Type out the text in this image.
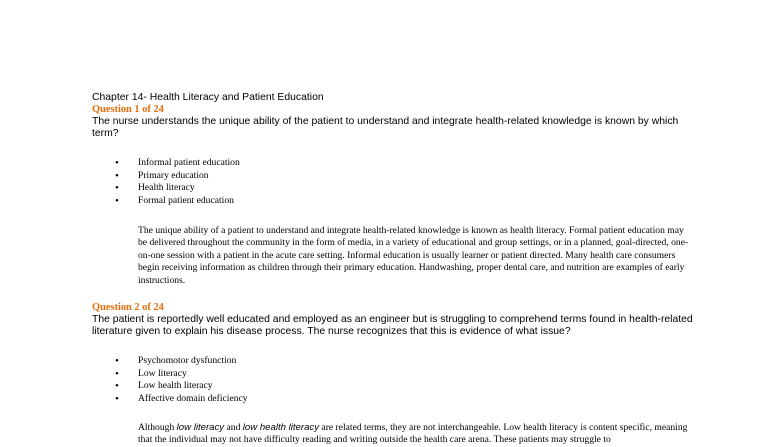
Chapter 14- Health Literacy and Patient Education
Question 1 of 24
The nurse understands the unique ability of the patient to understand and integrate health-related knowledge is known by which term?
• Informal patient education
• Primary education
• Health literacy
• Formal patient education
The unique ability of a patient to understand and integrate health-related knowledge is known as health literacy. Formal patient education may be delivered throughout the community in the form of media, in a variety of educational and group settings, or in a planned, goal-directed, one-on-one session with a patient in the acute care setting. Informal education is usually learner or patient directed. Many health care consumers begin receiving information as children through their primary education. Handwashing, proper dental care, and nutrition are examples of early instructions.
Question 2 of 24
The patient is reportedly well educated and employed as an engineer but is struggling to comprehend terms found in health-related literature given to explain his disease process. The nurse recognizes that this is evidence of what issue?
• Psychomotor dysfunction
• Low literacy
• Low health literacy
• Affective domain deficiency
Although low literacy and low health literacy are related terms, they are not interchangeable. Low health literacy is content specific, meaning that the individual may not have difficulty reading and writing outside the health care arena. These patients may struggle to
